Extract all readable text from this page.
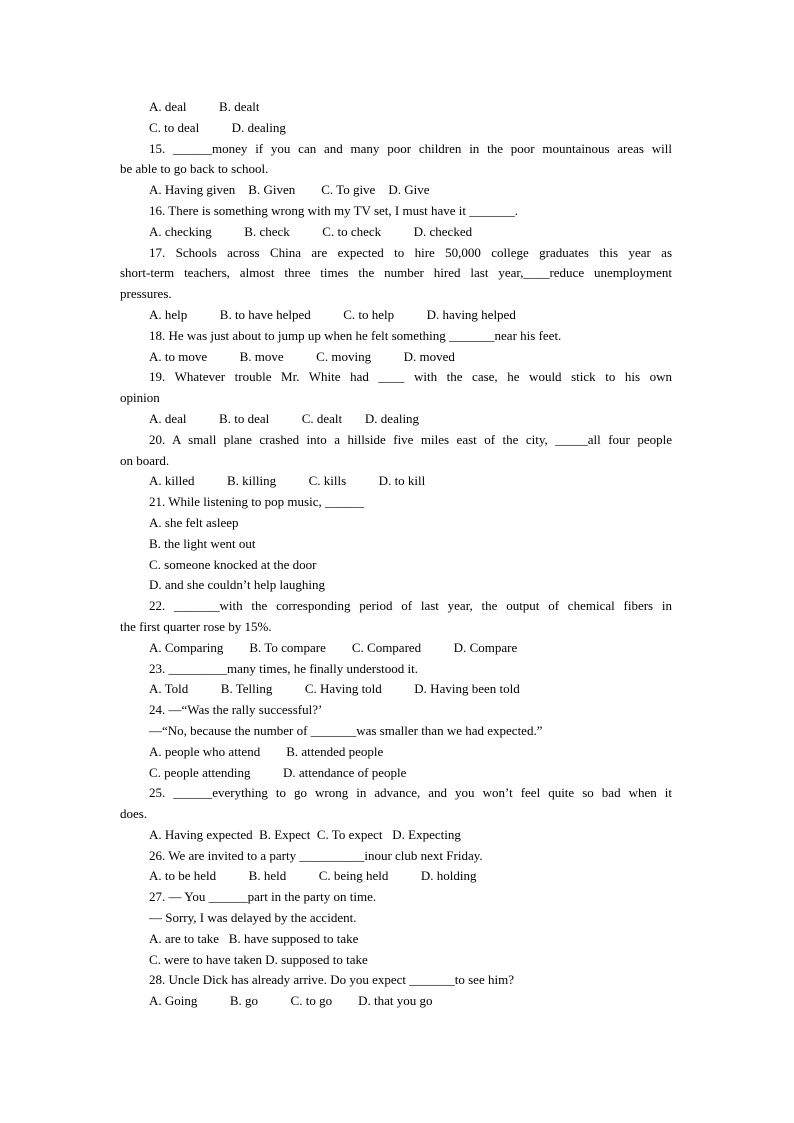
A. deal          B. dealt
C. to deal          D. dealing
15. ______money if you can and many poor children in the poor mountainous areas will
be able to go back to school.
A. Having given    B. Given        C. To give    D. Give
16. There is something wrong with my TV set, I must have it _______.
A. checking          B. check          C. to check          D. checked
17. Schools across China are expected to hire 50,000 college graduates this year as
short-term teachers, almost three times the number hired last year,____reduce unemployment
pressures.
A. help          B. to have helped          C. to help          D. having helped
18. He was just about to jump up when he felt something _______near his feet.
A. to move          B. move          C. moving          D. moved
19. Whatever trouble Mr. White had ____ with the case, he would stick to his own
opinion
A. deal          B. to deal          C. dealt       D. dealing
20. A small plane crashed into a hillside five miles east of the city, _____all four people
on board.
A. killed          B. killing          C. kills          D. to kill
21. While listening to pop music, ______
A. she felt asleep
B. the light went out
C. someone knocked at the door
D. and she couldn’t help laughing
22. _______with the corresponding period of last year, the output of chemical fibers in
the first quarter rose by 15%.
A. Comparing        B. To compare        C. Compared          D. Compare
23. _________many times, he finally understood it.
A. Told          B. Telling          C. Having told          D. Having been told
24. —“Was the rally successful?’
—“No, because the number of _______was smaller than we had expected.”
A. people who attend        B. attended people
C. people attending          D. attendance of people
25. ______everything to go wrong in advance, and you won’t feel quite so bad when it
does.
A. Having expected  B. Expect  C. To expect   D. Expecting
26. We are invited to a party __________inour club next Friday.
A. to be held          B. held          C. being held          D. holding
27. — You ______part in the party on time.
— Sorry, I was delayed by the accident.
A. are to take   B. have supposed to take
C. were to have taken D. supposed to take
28. Uncle Dick has already arrive. Do you expect _______to see him?
A. Going          B. go          C. to go        D. that you go
